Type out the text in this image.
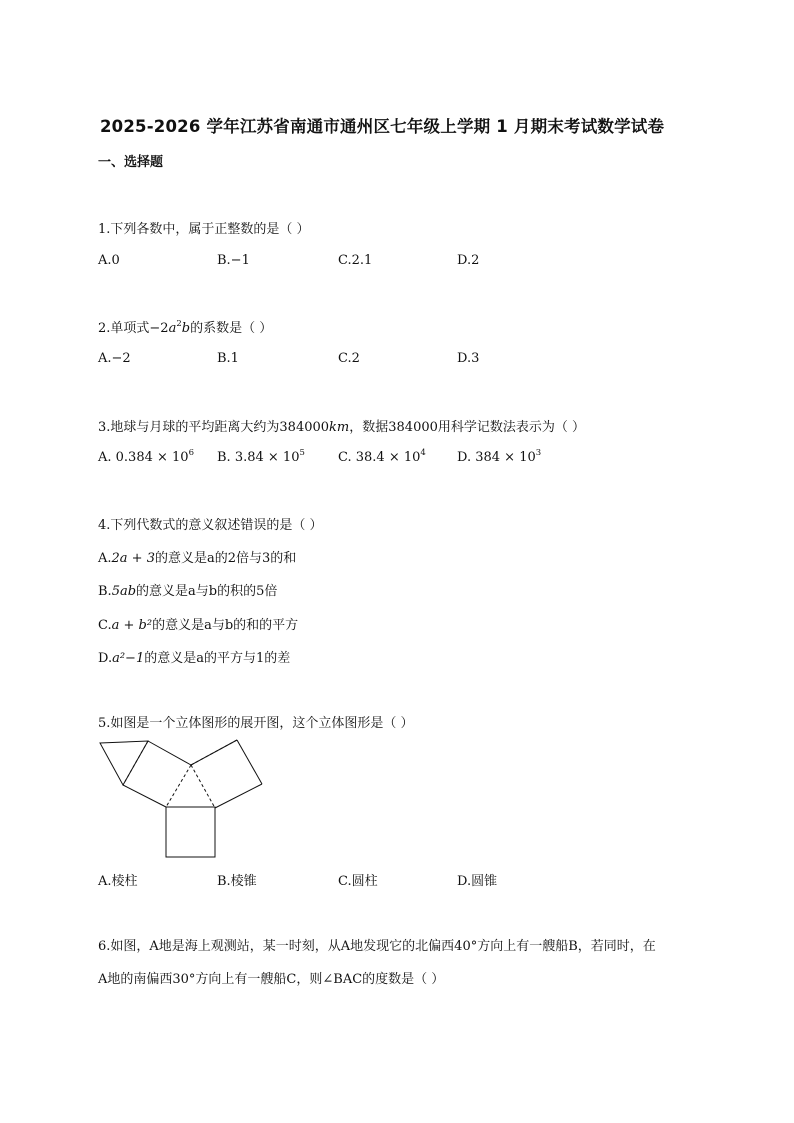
2025-2026 学年江苏省南通市通州区七年级上学期 1 月期末考试数学试卷
一、选择题
1.下列各数中，属于正整数的是（ ）
A.0	B.−1	C.2.1	D.2
2.单项式$-2a^2b$的系数是（ ）
A.−2	B.1	C.2	D.3
3.地球与月球的平均距离大约为384000km，数据384000用科学记数法表示为（ ）
A. $0.384 \times 10^6$ B. $3.84 \times 10^5$	C. $38.4 \times 10^4$ D. $384 \times 10^3$
4.下列代数式的意义叙述错误的是（ ）
A.2a + 3的意义是a的2倍与3的和
B.5ab的意义是a与b的积的5倍
C.a + b²的意义是a与b的和的平方
D.a²−1的意义是a的平方与1的差
5.如图是一个立体图形的展开图，这个立体图形是（ ）
A.棱柱	B.棱锥	C.圆柱	D.圆锥
6.如图，A地是海上观测站，某一时刻，从A地发现它的北偏西40°方向上有一艘船B，若同时，在
A地的南偏西30°方向上有一艘船C，则∠BAC的度数是（ ）
